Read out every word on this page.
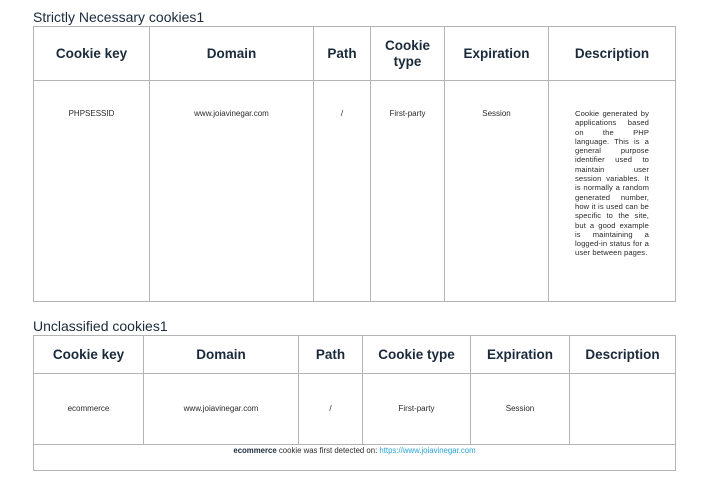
Strictly Necessary cookies1
Cookie key	Domain	Path	Cookie type	Expiration	Description
PHPSESSID	www.joiavinegar.com	/	First-party	Session	Cookie generated by applications based on the PHP language. This is a general purpose identifier used to maintain user session variables. It is normally a random generated number, how it is used can be specific to the site, but a good example is maintaining a logged-in status for a user between pages.
Unclassified cookies1
Cookie key	Domain	Path	Cookie type	Expiration	Description
ecommerce	www.joiavinegar.com	/	First-party	Session	
ecommerce cookie was first detected on: https://www.joiavinegar.com					
